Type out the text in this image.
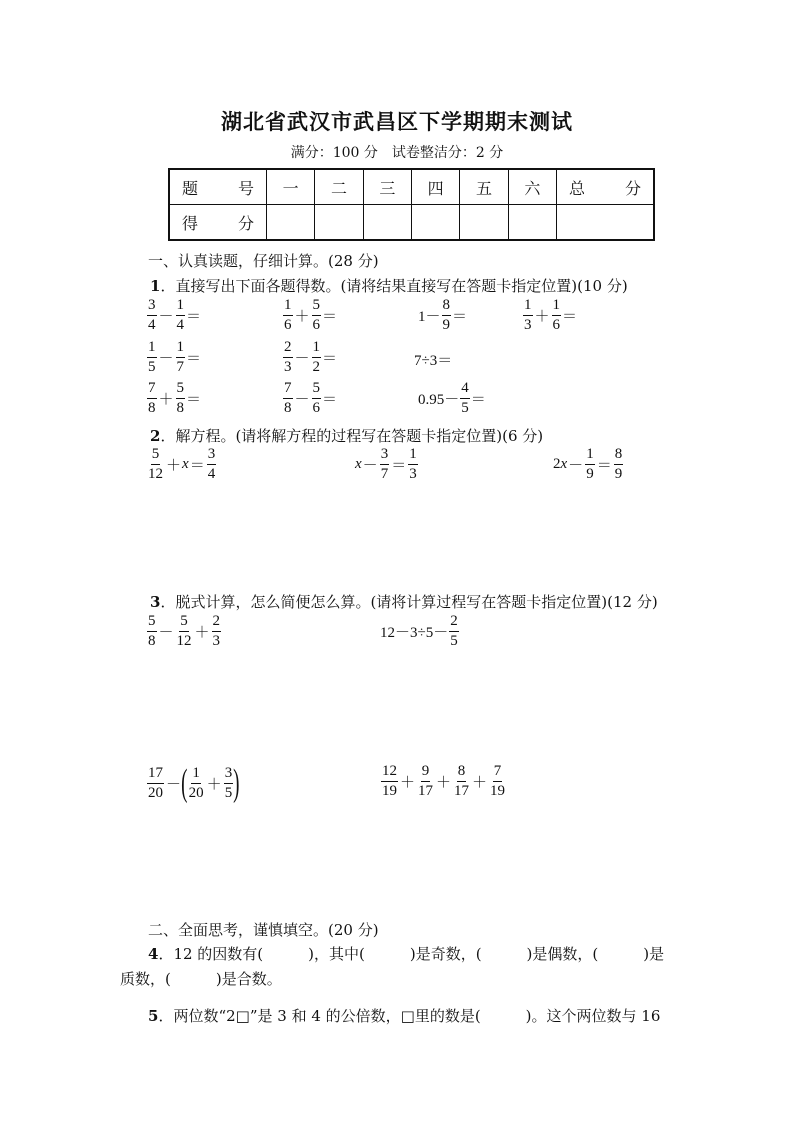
湖北省武汉市武昌区下学期期末测试
满分：100 分　试卷整洁分：2 分
题　号	一	二	三	四	五	六	总　分
得　分							
一、认真读题，仔细计算。(28 分)
1．直接写出下面各题得数。(请将结果直接写在答题卡指定位置)(10 分)
$\frac{3}{4} - \frac{1}{4}$ ＝	$\frac{1}{6} + \frac{5}{6}$ ＝	$1- \frac{8}{9}$ ＝	$\frac{1}{3} + \frac{1}{6}$ ＝
$\frac{1}{5} - \frac{1}{7}$ ＝	$\frac{2}{3} - \frac{1}{2}$ ＝	7÷3＝
$\frac{7}{8} + \frac{5}{8}$ ＝	$\frac{7}{8} - \frac{5}{6}$ ＝	$0.95- \frac{4}{5}$ ＝
2．解方程。(请将解方程的过程写在答题卡指定位置)(6 分)
$\frac{5}{12} + x = \frac{3}{4}$	$x - \frac{3}{7} = \frac{1}{3}$	2 $x - \frac{1}{9} = \frac{8}{9}$
3．脱式计算，怎么简便怎么算。(请将计算过程写在答题卡指定位置)(12 分)
$\frac{5}{8} - \frac{5}{12} + \frac{2}{3}$	$12-3\div 5- \frac{2}{5}$
$\frac{17}{20}$ － ( $\frac{1}{20} + \frac{3}{5}$ )	$\frac{12}{19} + \frac{9}{17} + \frac{8}{17} + \frac{7}{19}$
二、全面思考，谨慎填空。(20 分)
4．12 的因数有(　　　)，其中(　　　)是奇数，(　　　)是偶数，(　　　)是
质数，(　　　)是合数。
5．两位数“2□”是 3 和 4 的公倍数，□里的数是(　　　)。这个两位数与 16
